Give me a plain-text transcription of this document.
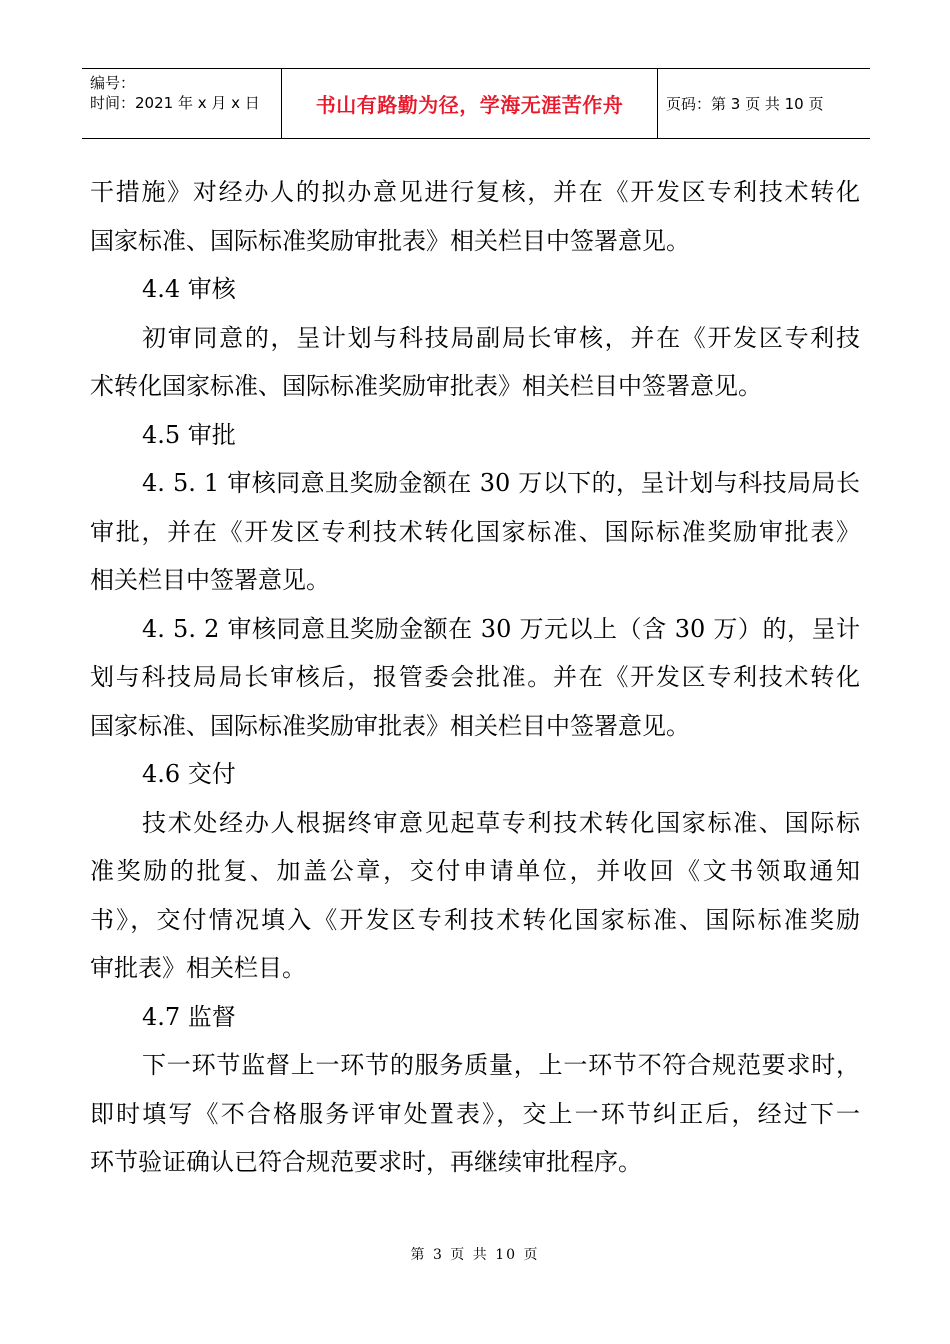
编号：
时间：2021 年 x 月 x 日	书山有路勤为径，学海无涯苦作舟	页码：第 3 页 共 10 页
干措施》对经办人的拟办意见进行复核，并在《开发区专利技术转化
国家标准、国际标准奖励审批表》相关栏目中签署意见。
4.4 审核
初审同意的，呈计划与科技局副局长审核，并在《开发区专利技
术转化国家标准、国际标准奖励审批表》相关栏目中签署意见。
4.5 审批
4. 5. 1 审核同意且奖励金额在 30 万以下的，呈计划与科技局局长
审批，并在《开发区专利技术转化国家标准、国际标准奖励审批表》
相关栏目中签署意见。
4. 5. 2 审核同意且奖励金额在 30 万元以上（含 30 万）的，呈计
划与科技局局长审核后，报管委会批准。并在《开发区专利技术转化
国家标准、国际标准奖励审批表》相关栏目中签署意见。
4.6 交付
技术处经办人根据终审意见起草专利技术转化国家标准、国际标
准奖励的批复、加盖公章，交付申请单位，并收回《文书领取通知
书》，交付情况填入《开发区专利技术转化国家标准、国际标准奖励
审批表》相关栏目。
4.7 监督
下一环节监督上一环节的服务质量，上一环节不符合规范要求时，
即时填写《不合格服务评审处置表》，交上一环节纠正后，经过下一
环节验证确认已符合规范要求时，再继续审批程序。
第 3 页 共 10 页
